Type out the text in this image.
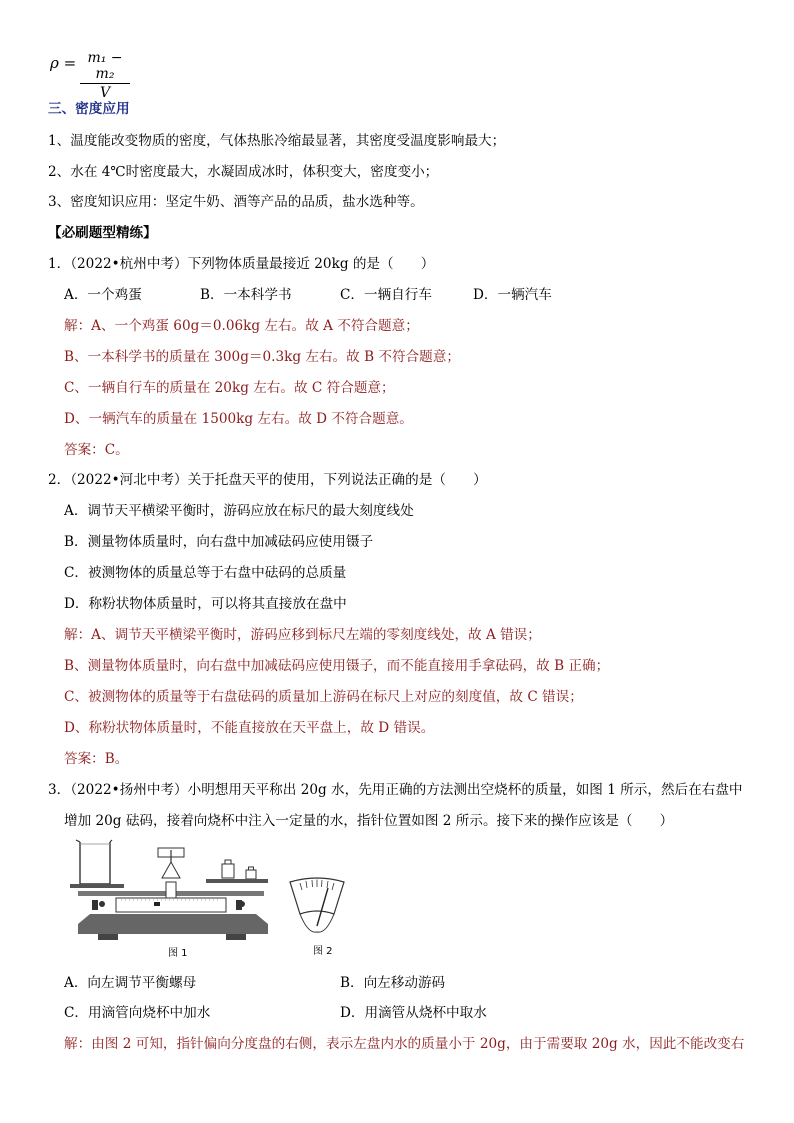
$\rho = \frac{\text{m₁ − m₂}}{V}$
三、密度应用
1、温度能改变物质的密度，气体热胀冷缩最显著，其密度受温度影响最大；
2、水在 4℃时密度最大，水凝固成冰时，体积变大，密度变小；
3、密度知识应用：坚定牛奶、酒等产品的品质，盐水选种等。
【必刷题型精练】
1．（2022•杭州中考）下列物体质量最接近 20kg 的是（　　）
A．一个鸡蛋	B．一本科学书	C．一辆自行车	D．一辆汽车
解：A、一个鸡蛋 60g＝0.06kg 左右。故 A 不符合题意；
B、一本科学书的质量在 300g＝0.3kg 左右。故 B 不符合题意；
C、一辆自行车的质量在 20kg 左右。故 C 符合题意；
D、一辆汽车的质量在 1500kg 左右。故 D 不符合题意。
答案：C。
2．（2022•河北中考）关于托盘天平的使用，下列说法正确的是（　　）
A．调节天平横梁平衡时，游码应放在标尺的最大刻度线处
B．测量物体质量时，向右盘中加减砝码应使用镊子
C．被测物体的质量总等于右盘中砝码的总质量
D．称粉状物体质量时，可以将其直接放在盘中
解：A、调节天平横梁平衡时，游码应移到标尺左端的零刻度线处，故 A 错误；
B、测量物体质量时，向右盘中加减砝码应使用镊子，而不能直接用手拿砝码，故 B 正确；
C、被测物体的质量等于右盘砝码的质量加上游码在标尺上对应的刻度值，故 C 错误；
D、称粉状物体质量时，不能直接放在天平盘上，故 D 错误。
答案：B。
3．（2022•扬州中考）小明想用天平称出 20g 水，先用正确的方法测出空烧杯的质量，如图 1 所示，然后在右盘中
增加 20g 砝码，接着向烧杯中注入一定量的水，指针位置如图 2 所示。接下来的操作应该是（　　）
图 1	图 2
A．向左调节平衡螺母	B．向左移动游码
C．用滴管向烧杯中加水	D．用滴管从烧杯中取水
解：由图 2 可知，指针偏向分度盘的右侧，表示左盘内水的质量小于 20g，由于需要取 20g 水，因此不能改变右
